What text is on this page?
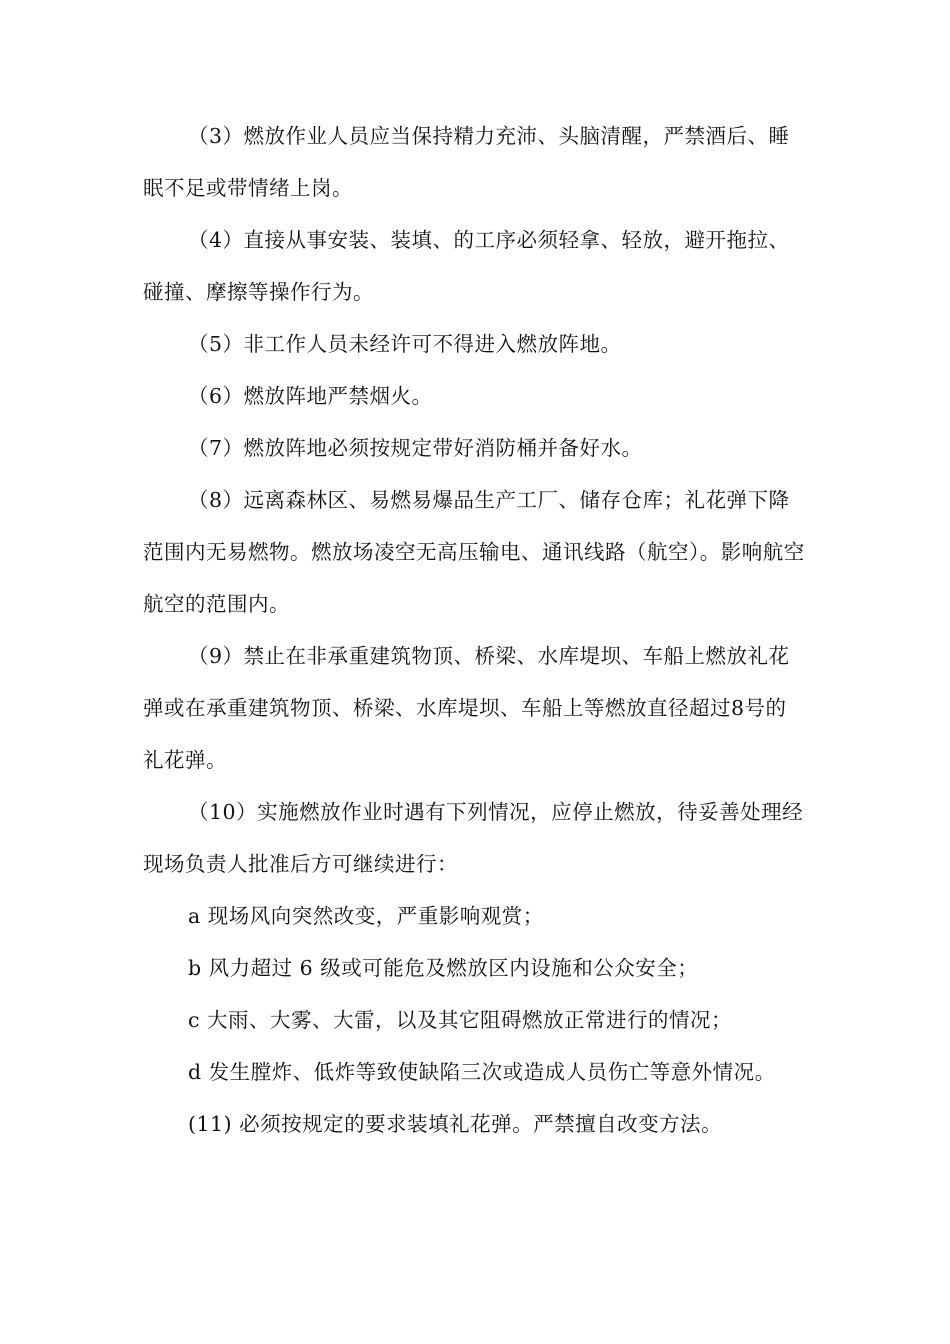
（3）燃放作业人员应当保持精力充沛、头脑清醒，严禁酒后、睡眠不足或带情绪上岗。

（4）直接从事安装、装填、的工序必须轻拿、轻放，避开拖拉、碰撞、摩擦等操作行为。

（5）非工作人员未经许可不得进入燃放阵地。

（6）燃放阵地严禁烟火。

（7）燃放阵地必须按规定带好消防桶并备好水。

（8）远离森林区、易燃易爆品生产工厂、储存仓库；礼花弹下降范围内无易燃物。燃放场凌空无高压输电、通讯线路（航空）。影响航空航空的范围内。

（9）禁止在非承重建筑物顶、桥梁、水库堤坝、车船上燃放礼花弹或在承重建筑物顶、桥梁、水库堤坝、车船上等燃放直径超过8号的礼花弹。

（10）实施燃放作业时遇有下列情况，应停止燃放，待妥善处理经现场负责人批准后方可继续进行：

a 现场风向突然改变，严重影响观赏；

b 风力超过 6 级或可能危及燃放区内设施和公众安全；

c 大雨、大雾、大雷，以及其它阻碍燃放正常进行的情况；

d 发生膛炸、低炸等致使缺陷三次或造成人员伤亡等意外情况。

(11) 必须按规定的要求装填礼花弹。严禁擅自改变方法。
